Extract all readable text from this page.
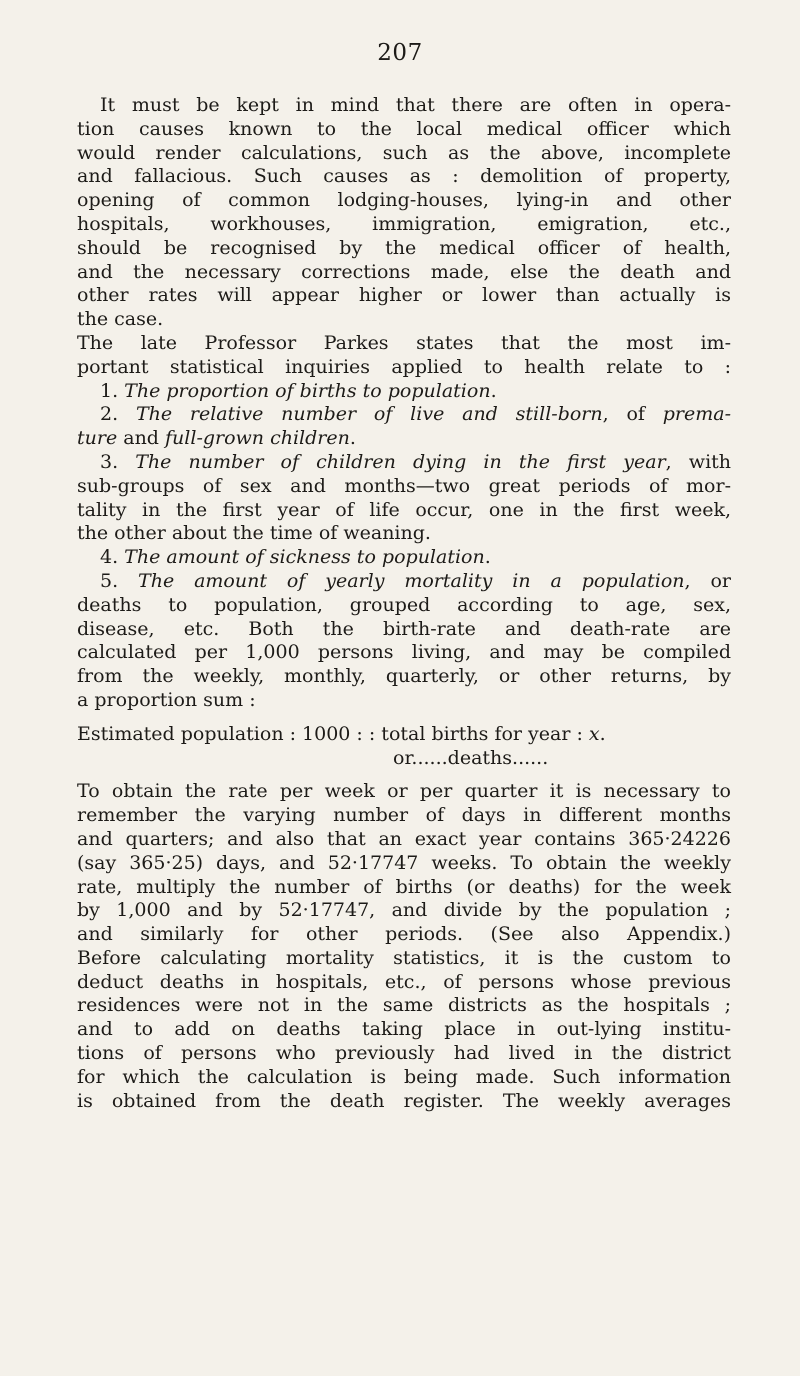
207
It must be kept in mind that there are often in opera-
tion causes known to the local medical officer which
would render calculations, such as the above, incomplete
and fallacious. Such causes as : demolition of property,
opening of common lodging-houses, lying-in and other
hospitals, workhouses, immigration, emigration, etc.,
should be recognised by the medical officer of health,
and the necessary corrections made, else the death and
other rates will appear higher or lower than actually is
the case.
The late Professor Parkes states that the most im-
portant statistical inquiries applied to health relate to :
1. The proportion of births to population.
2. The relative number of live and still-born, of prema-
ture and full-grown children.
3. The number of children dying in the first year, with
sub-groups of sex and months—two great periods of mor-
tality in the first year of life occur, one in the first week,
the other about the time of weaning.
4. The amount of sickness to population.
5. The amount of yearly mortality in a population, or
deaths to population, grouped according to age, sex,
disease, etc. Both the birth-rate and death-rate are
calculated per 1,000 persons living, and may be compiled
from the weekly, monthly, quarterly, or other returns, by
a proportion sum :
Estimated population : 1000 : : total births for year : x.
or......deaths......
To obtain the rate per week or per quarter it is necessary to
remember the varying number of days in different months
and quarters; and also that an exact year contains 365·24226
(say 365·25) days, and 52·17747 weeks. To obtain the weekly
rate, multiply the number of births (or deaths) for the week
by 1,000 and by 52·17747, and divide by the population ;
and similarly for other periods. (See also Appendix.)
Before calculating mortality statistics, it is the custom to
deduct deaths in hospitals, etc., of persons whose previous
residences were not in the same districts as the hospitals ;
and to add on deaths taking place in out-lying institu-
tions of persons who previously had lived in the district
for which the calculation is being made. Such information
is obtained from the death register. The weekly averages
